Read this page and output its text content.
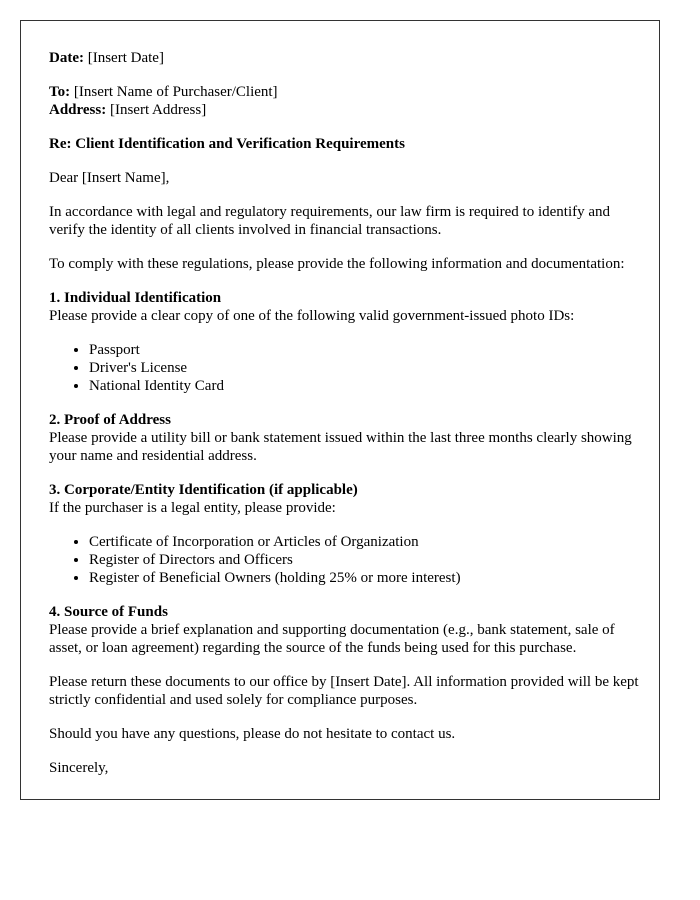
Date: [Insert Date]

To: [Insert Name of Purchaser/Client]
Address: [Insert Address]

Re: Client Identification and Verification Requirements

Dear [Insert Name],

In accordance with legal and regulatory requirements, our law firm is required to identify and verify the identity of all clients involved in financial transactions.

To comply with these regulations, please provide the following information and documentation:

1. Individual Identification

Please provide a clear copy of one of the following valid government-issued photo IDs:

• Passport
• Driver's License
• National Identity Card

2. Proof of Address

Please provide a utility bill or bank statement issued within the last three months clearly showing your name and residential address.

3. Corporate/Entity Identification (if applicable)

If the purchaser is a legal entity, please provide:

• Certificate of Incorporation or Articles of Organization
• Register of Directors and Officers
• Register of Beneficial Owners (holding 25% or more interest)

4. Source of Funds

Please provide a brief explanation and supporting documentation (e.g., bank statement, sale of asset, or loan agreement) regarding the source of the funds being used for this purchase.

Please return these documents to our office by [Insert Date]. All information provided will be kept strictly confidential and used solely for compliance purposes.

Should you have any questions, please do not hesitate to contact us.

Sincerely,
